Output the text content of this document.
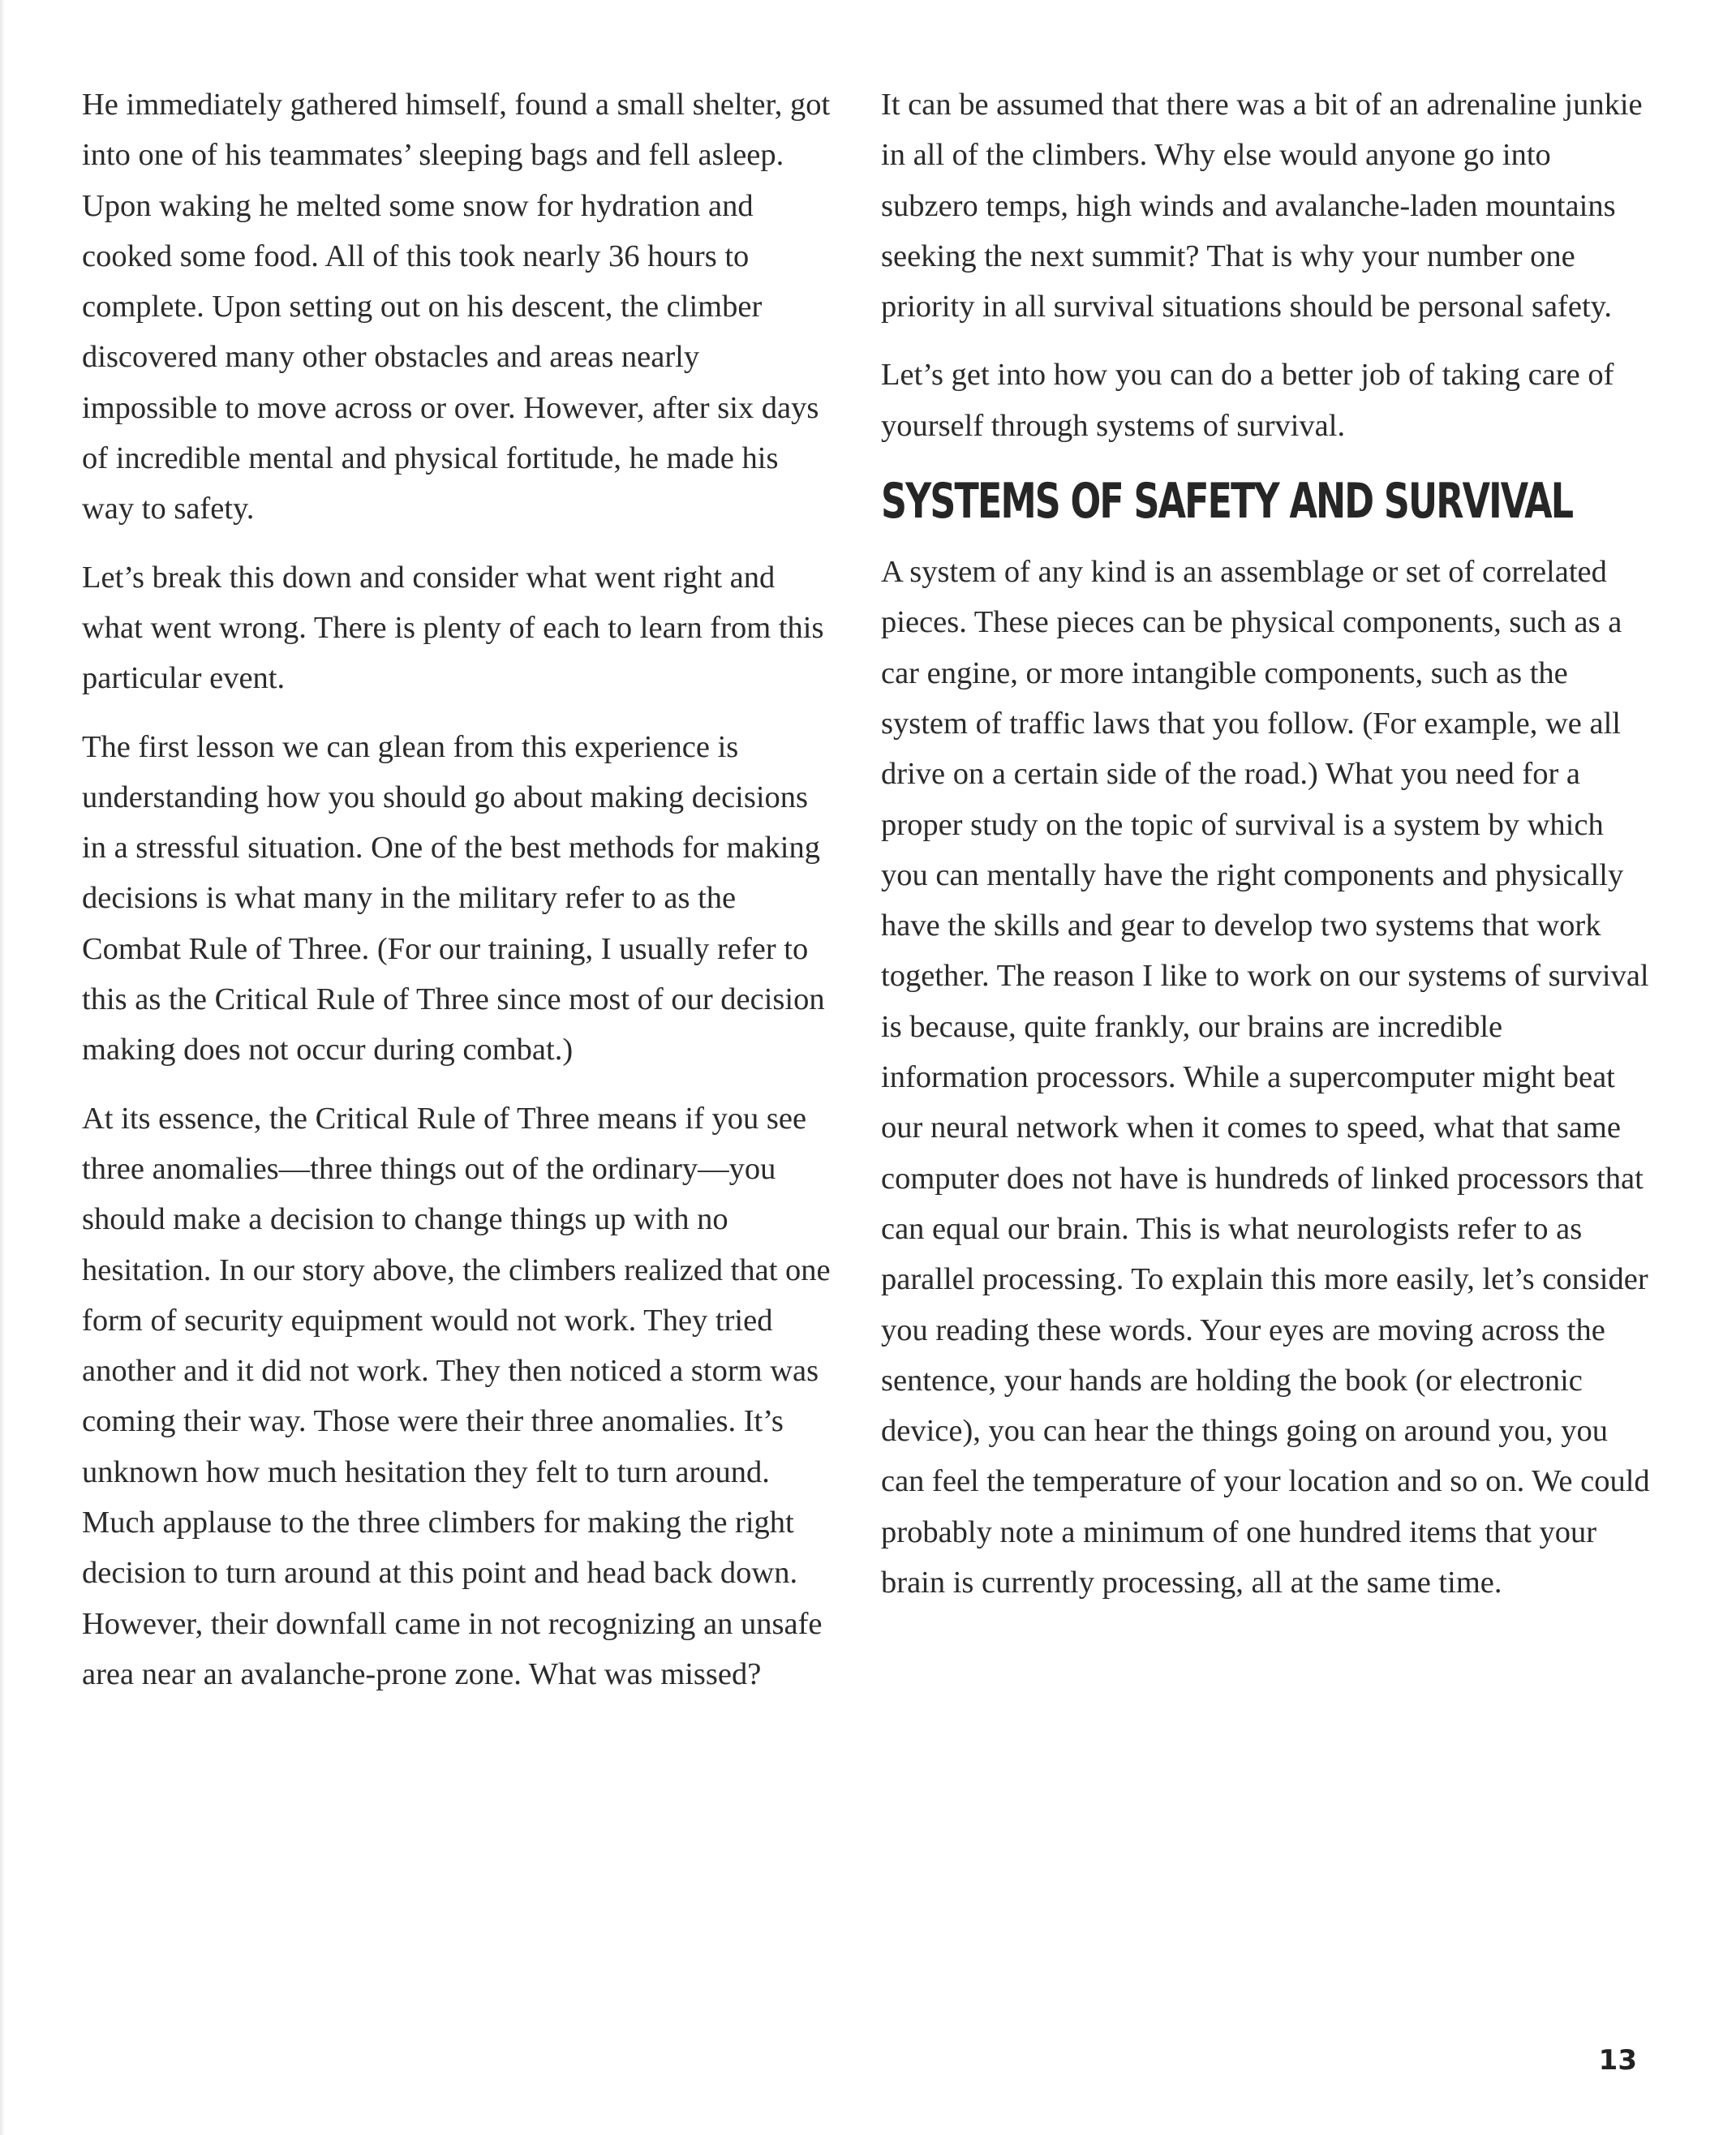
He immediately gathered himself, found a small shelter, got into one of his teammates’ sleeping bags and fell asleep. Upon waking he melted some snow for hydration and cooked some food. All of this took nearly 36 hours to complete. Upon setting out on his descent, the climber discovered many other obstacles and areas nearly impossible to move across or over. However, after six days of incredible mental and physical fortitude, he made his way to safety.

Let’s break this down and consider what went right and what went wrong. There is plenty of each to learn from this particular event.

The first lesson we can glean from this experience is understanding how you should go about making decisions in a stressful situation. One of the best methods for making decisions is what many in the military refer to as the Combat Rule of Three. (For our training, I usually refer to this as the Critical Rule of Three since most of our decision making does not occur during combat.)

At its essence, the Critical Rule of Three means if you see three anomalies—three things out of the ordinary—you should make a decision to change things up with no hesitation. In our story above, the climbers realized that one form of security equipment would not work. They tried another and it did not work. They then noticed a storm was coming their way. Those were their three anomalies. It’s unknown how much hesitation they felt to turn around. Much applause to the three climbers for making the right decision to turn around at this point and head back down. However, their downfall came in not recognizing an unsafe area near an avalanche-prone zone. What was missed?

It can be assumed that there was a bit of an adrenaline junkie in all of the climbers. Why else would anyone go into subzero temps, high winds and avalanche-laden mountains seeking the next summit? That is why your number one priority in all survival situations should be personal safety.

Let’s get into how you can do a better job of taking care of yourself through systems of survival.

SYSTEMS OF SAFETY AND SURVIVAL

A system of any kind is an assemblage or set of correlated pieces. These pieces can be physical components, such as a car engine, or more intangible components, such as the system of traffic laws that you follow. (For example, we all drive on a certain side of the road.) What you need for a proper study on the topic of survival is a system by which you can mentally have the right components and physically have the skills and gear to develop two systems that work together. The reason I like to work on our systems of survival is because, quite frankly, our brains are incredible information processors. While a supercomputer might beat our neural network when it comes to speed, what that same computer does not have is hundreds of linked processors that can equal our brain. This is what neurologists refer to as parallel processing. To explain this more easily, let’s consider you reading these words. Your eyes are moving across the sentence, your hands are holding the book (or electronic device), you can hear the things going on around you, you can feel the temperature of your location and so on. We could probably note a minimum of one hundred items that your brain is currently processing, all at the same time.

13
